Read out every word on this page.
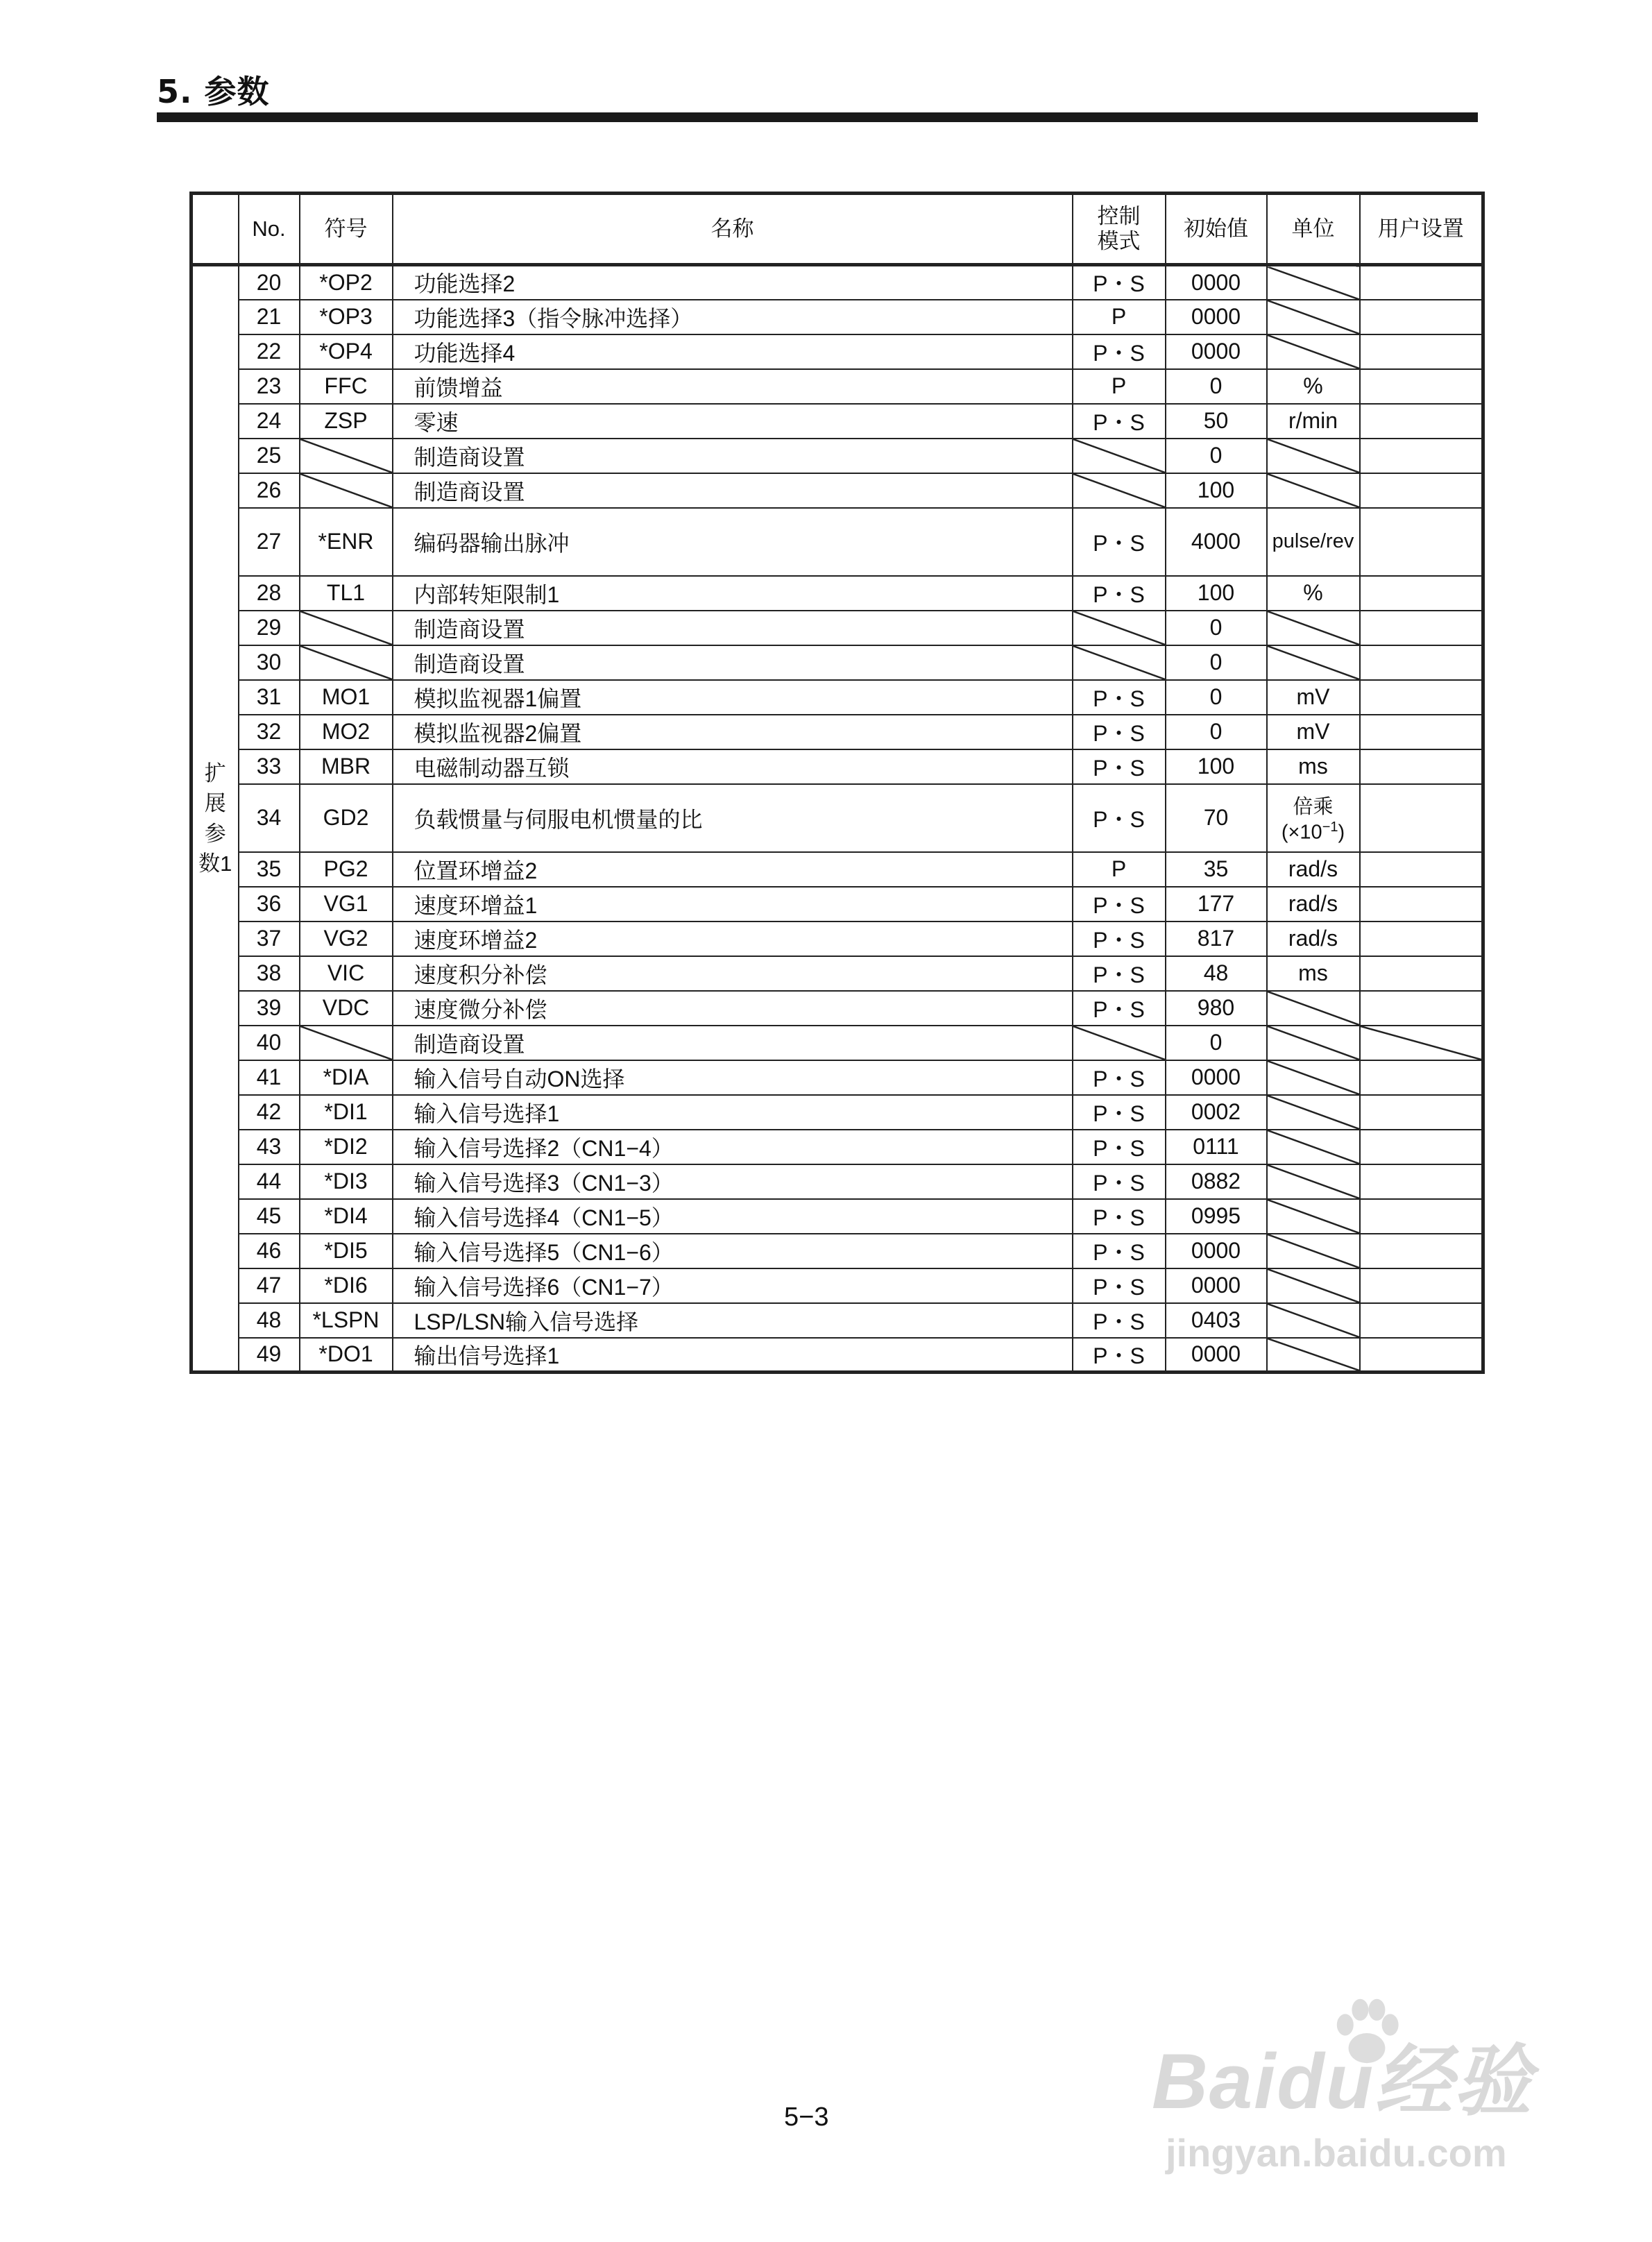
5. 参数
	No.	符号	名称	控制模式	初始值	单位	用户设置
扩展参数1	20	*OP2	功能选择2	P・S	0000		
	21	*OP3	功能选择3（指令脉冲选择）	P	0000		
	22	*OP4	功能选择4	P・S	0000		
	23	FFC	前馈增益	P	0	%	
	24	ZSP	零速	P・S	50	r/min	
	25		制造商设置		0		
	26		制造商设置		100		
	27	*ENR	编码器输出脉冲	P・S	4000	pulse/rev	
	28	TL1	内部转矩限制1	P・S	100	%	
	29		制造商设置		0		
	30		制造商设置		0		
	31	MO1	模拟监视器1偏置	P・S	0	mV	
	32	MO2	模拟监视器2偏置	P・S	0	mV	
	33	MBR	电磁制动器互锁	P・S	100	ms	
	34	GD2	负载惯量与伺服电机惯量的比	P・S	70	倍乘
$(\times 10^{-1})$	

	35	PG2	位置环增益2	P	35	rad/s	
	36	VG1	速度环增益1	P・S	177	rad/s	
	37	VG2	速度环增益2	P・S	817	rad/s	
	38	VIC	速度积分补偿	P・S	48	ms	
	39	VDC	速度微分补偿	P・S	980		
	40		制造商设置		0		
	41	*DIA	输入信号自动ON选择	P・S	0000		
	42	*DI1	输入信号选择1	P・S	0002		
	43	*DI2	输入信号选择2（CN1−4）	P・S	0111		
	44	*DI3	输入信号选择3（CN1−3）	P・S	0882		
	45	*DI4	输入信号选择4（CN1−5）	P・S	0995		
	46	*DI5	输入信号选择5（CN1−6）	P・S	0000		
	47	*DI6	输入信号选择6（CN1−7）	P・S	0000		
	48	*LSPN	LSP/LSN输入信号选择	P・S	0403		
	49	*DO1	输出信号选择1	P・S	0000		
5−3	Baidu经验
jingyan.baidu.com
